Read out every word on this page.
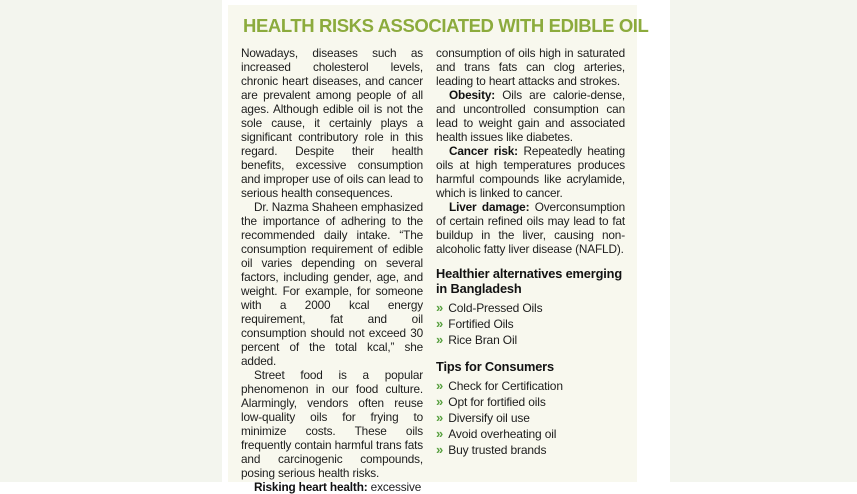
HEALTH RISKS ASSOCIATED WITH EDIBLE OIL

Nowadays, diseases such as increased cholesterol levels, chronic heart diseases, and cancer are prevalent among people of all ages. Although edible oil is not the sole cause, it certainly plays a significant contributory role in this regard. Despite their health benefits, excessive consumption and improper use of oils can lead to serious health consequences.

Dr. Nazma Shaheen emphasized the importance of adhering to the recommended daily intake. “The consumption requirement of edible oil varies depending on several factors, including gender, age, and weight. For example, for someone with a 2000 kcal energy requirement, fat and oil consumption should not exceed 30 percent of the total kcal,” she added.

Street food is a popular phenomenon in our food culture. Alarmingly, vendors often reuse low-quality oils for frying to minimize costs. These oils frequently contain harmful trans fats and carcinogenic compounds, posing serious health risks.

Risking heart health: excessive

consumption of oils high in saturated and trans fats can clog arteries, leading to heart attacks and strokes.

Obesity: Oils are calorie-dense, and uncontrolled consumption can lead to weight gain and associated health issues like diabetes.

Cancer risk: Repeatedly heating oils at high temperatures produces harmful compounds like acrylamide, which is linked to cancer.

Liver damage: Overconsumption of certain refined oils may lead to fat buildup in the liver, causing non-alcoholic fatty liver disease (NAFLD).

Healthier alternatives emerging in Bangladesh
» Cold-Pressed Oils
» Fortified Oils
» Rice Bran Oil
Tips for Consumers
» Check for Certification
» Opt for fortified oils
» Diversify oil use
» Avoid overheating oil
» Buy trusted brands
